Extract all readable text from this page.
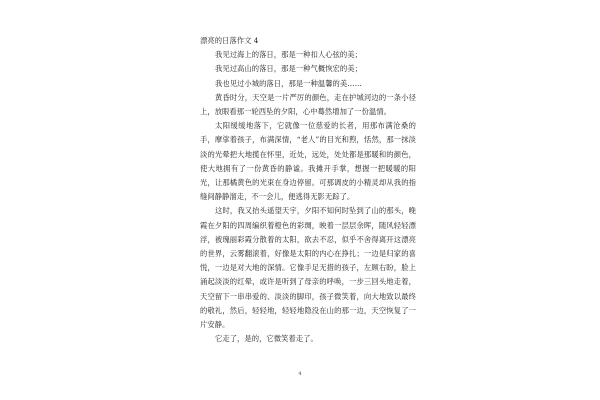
漂亮的日落作文 4

我见过海上的落日，那是一种扣人心弦的美；

我见过高山的落日，那是一种气概恢宏的美；

我也见过小城的落日，那是一种温馨的美……

黄昏时分，天空是一片严厉的颜色，走在护城河边的一条小径上，放眼看那一轮西坠的夕阳，心中蓦然增加了一份温情。

太阳缓缓地落下，它就像一位慈爱的长者，用那布满沧桑的手，摩挲着孩子，布满深情，“老人”的目光和煦，恬然，那一抹淡淡的光晕把大地揽在怀里，近处，远处，处处都是那暖和的颜色，使大地拥有了一份黄昏的静谧。我摊开手掌，想握一把暖暖的阳光，让那橘黄色的光束在身边停留。可那调皮的小精灵却从我的指缝间静静溜走，不一会儿，便逃得无影无踪了。

这时，我又抬头遥望天宇，夕阳不知何时坠到了山的那头，晚霞在夕阳的四周编织着橙色的彩绸，映着一层层余晖，随风轻轻漂浮，被瑰丽彩霞分散着的太阳，欲去不忍，似乎不舍得离开这漂亮的世界，云雾翻滚着，好像是太阳的内心在挣扎；一边是归家的喜悦，一边是对大地的深情。它像手足无措的孩子，左顾右盼，脸上涌起淡淡的红晕，或许是听到了母亲的呼唤，一步三回头地走着，天空留下一串串爱的、淡淡的脚印，孩子微笑着，向大地致以最终的敬礼，然后，轻轻地，轻轻地隐没在山的那一边，天空恢复了一片安静。

它走了，是的，它微笑着走了。

4
